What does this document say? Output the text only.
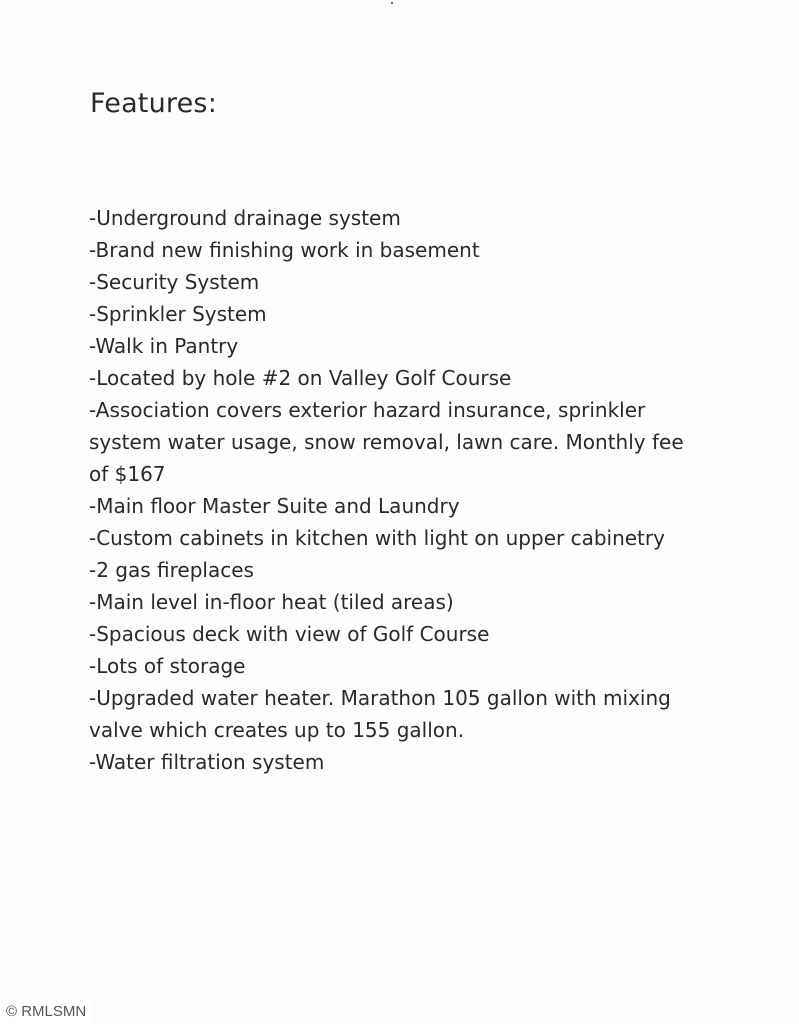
Features:
-Underground drainage system
-Brand new finishing work in basement
-Security System
-Sprinkler System
-Walk in Pantry
-Located by hole #2 on Valley Golf Course
-Association covers exterior hazard insurance, sprinkler system water usage, snow removal, lawn care. Monthly fee of $167
-Main floor Master Suite and Laundry
-Custom cabinets in kitchen with light on upper cabinetry
-2 gas fireplaces
-Main level in-floor heat (tiled areas)
-Spacious deck with view of Golf Course
-Lots of storage
-Upgraded water heater. Marathon 105 gallon with mixing valve which creates up to 155 gallon.
-Water filtration system
© RMLSMN
